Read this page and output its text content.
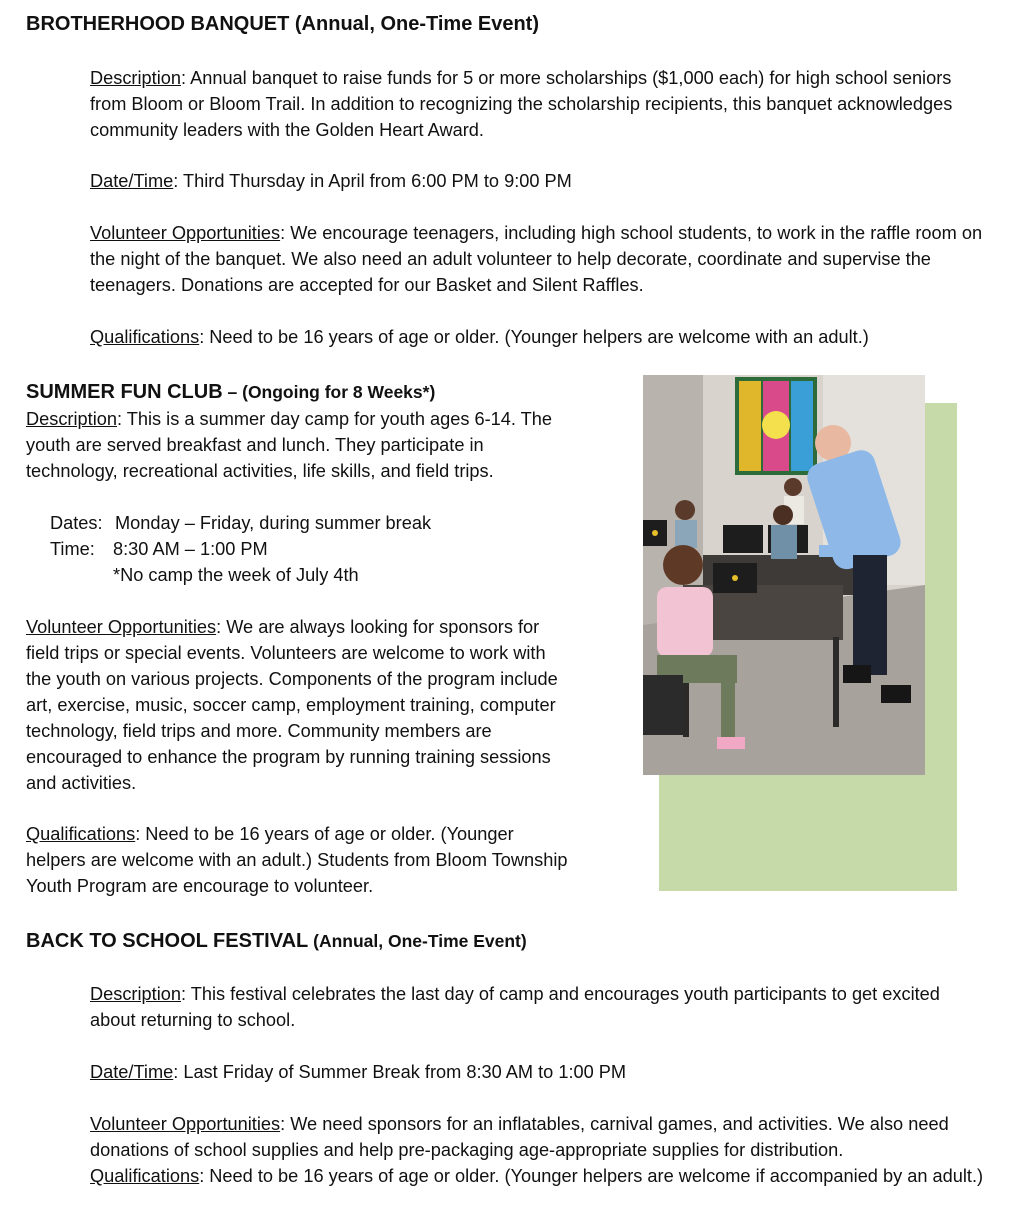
BROTHERHOOD BANQUET (Annual, One-Time Event)

Description: Annual banquet to raise funds for 5 or more scholarships ($1,000 each) for high school seniors from Bloom or Bloom Trail. In addition to recognizing the scholarship recipients, this banquet acknowledges community leaders with the Golden Heart Award.

Date/Time: Third Thursday in April from 6:00 PM to 9:00 PM

Volunteer Opportunities: We encourage teenagers, including high school students, to work in the raffle room on the night of the banquet. We also need an adult volunteer to help decorate, coordinate and supervise the teenagers. Donations are accepted for our Basket and Silent Raffles.

Qualifications: Need to be 16 years of age or older. (Younger helpers are welcome with an adult.)

SUMMER FUN CLUB – (Ongoing for 8 Weeks*)

Description: This is a summer day camp for youth ages 6-14. The youth are served breakfast and lunch. They participate in technology, recreational activities, life skills, and field trips.

Dates: Monday – Friday, during summer break
Time: 8:30 AM – 1:00 PM
*No camp the week of July 4th

Volunteer Opportunities: We are always looking for sponsors for field trips or special events. Volunteers are welcome to work with the youth on various projects. Components of the program include art, exercise, music, soccer camp, employment training, computer technology, field trips and more. Community members are encouraged to enhance the program by running training sessions and activities.

Qualifications: Need to be 16 years of age or older. (Younger helpers are welcome with an adult.) Students from Bloom Township Youth Program are encourage to volunteer.

BACK TO SCHOOL FESTIVAL (Annual, One-Time Event)

Description: This festival celebrates the last day of camp and encourages youth participants to get excited about returning to school.

Date/Time: Last Friday of Summer Break from 8:30 AM to 1:00 PM

Volunteer Opportunities: We need sponsors for an inflatables, carnival games, and activities. We also need donations of school supplies and help pre-packaging age-appropriate supplies for distribution.
Qualifications: Need to be 16 years of age or older. (Younger helpers are welcome if accompanied by an adult.)
